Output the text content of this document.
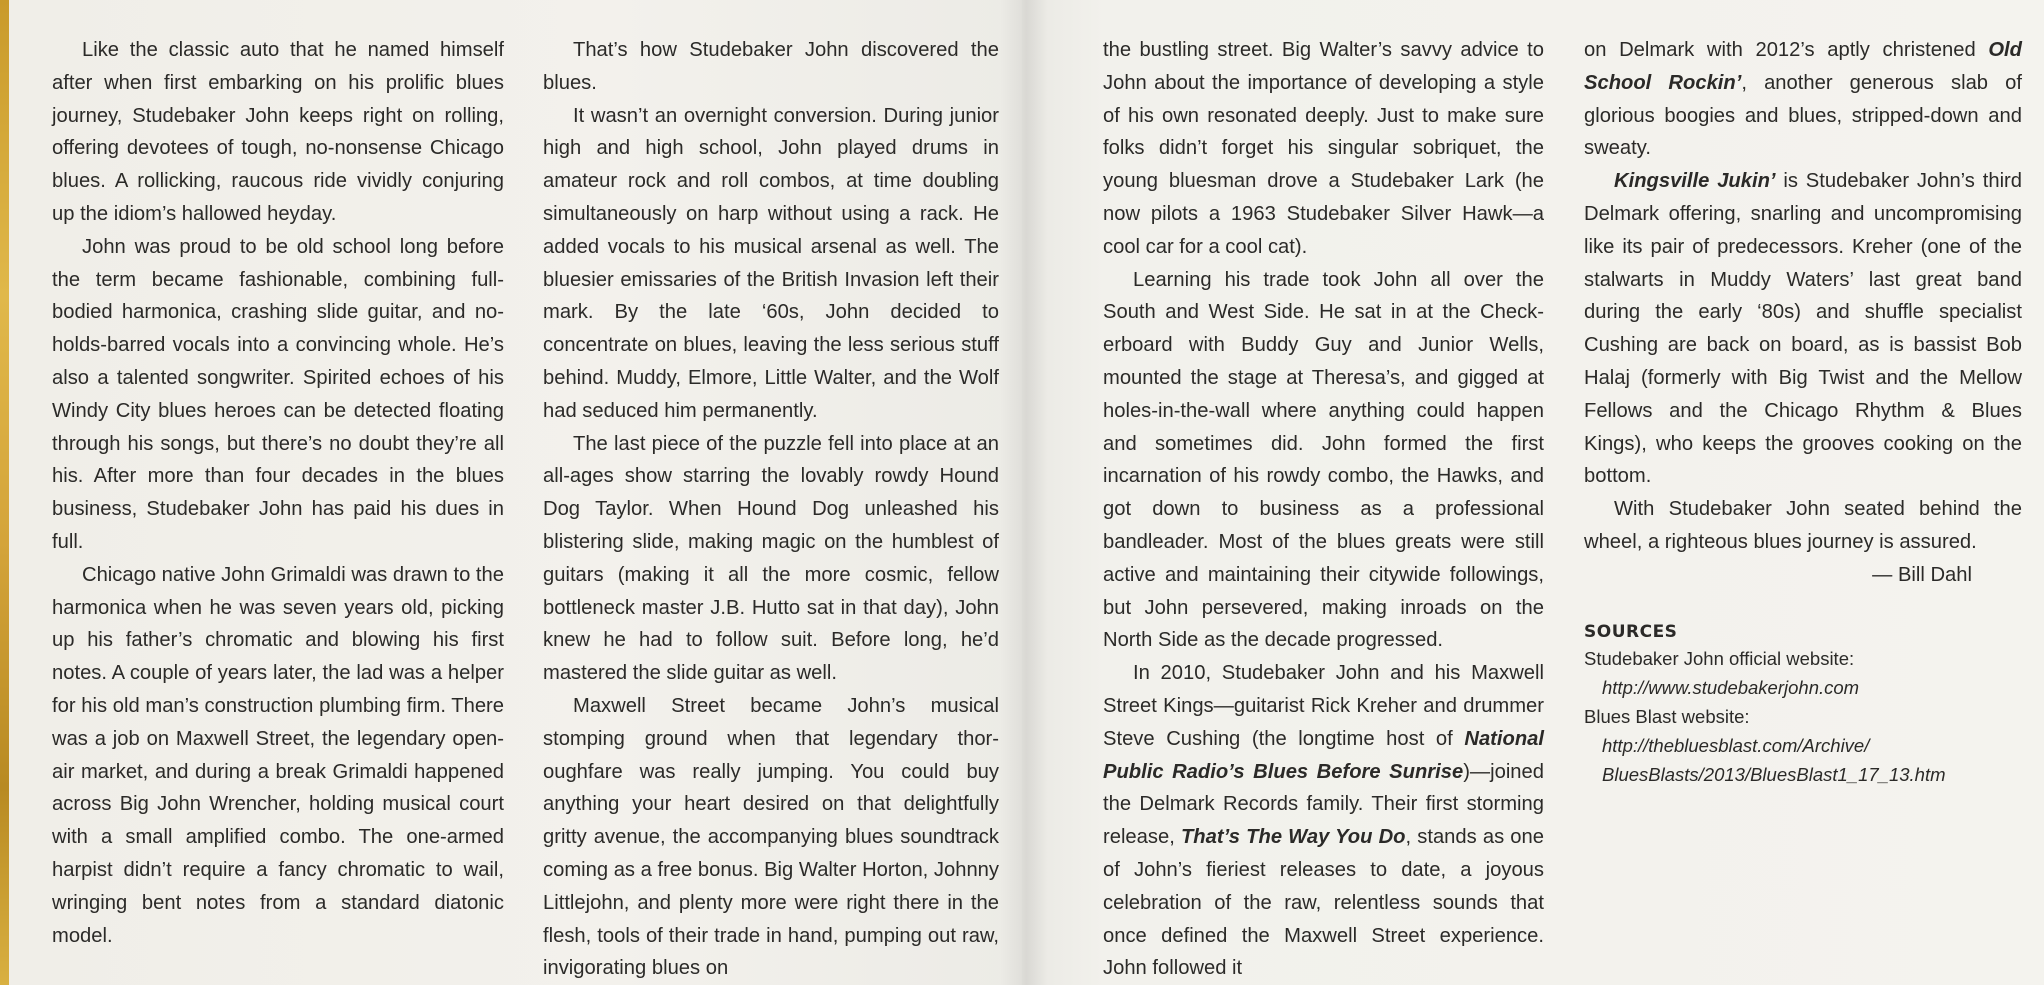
Like the classic auto that he named himself after when first embarking on his prolific blues journey, Studebaker John keeps right on rolling, offering devotees of tough, no-nonsense Chicago blues. A rollicking, raucous ride vividly conjuring up the idiom’s hallowed heyday.

John was proud to be old school long before the term became fashionable, combining full-bodied harmonica, crashing slide guitar, and no-holds-barred vocals into a convincing whole. He’s also a talented songwriter. Spirited echoes of his Windy City blues heroes can be detected floating through his songs, but there’s no doubt they’re all his. After more than four decades in the blues business, Studebaker John has paid his dues in full.

Chicago native John Grimaldi was drawn to the harmonica when he was seven years old, picking up his father’s chromatic and blowing his first notes. A couple of years later, the lad was a helper for his old man’s construction plumbing firm. There was a job on Maxwell Street, the legendary open-air market, and during a break Grimaldi happened across Big John Wrencher, holding musical court with a small amplified combo. The one-armed harpist didn’t require a fancy chromatic to wail, wringing bent notes from a standard diatonic model.

That’s how Studebaker John discovered the blues.

It wasn’t an overnight conversion. During junior high and high school, John played drums in amateur rock and roll combos, at time doubling simultaneously on harp without using a rack. He added vocals to his musical arsenal as well. The bluesier emissaries of the British Invasion left their mark. By the late ‘60s, John decided to concentrate on blues, leaving the less serious stuff behind. Muddy, Elmore, Little Walter, and the Wolf had seduced him permanently.

The last piece of the puzzle fell into place at an all-ages show starring the lovably rowdy Hound Dog Taylor. When Hound Dog unleashed his blistering slide, making magic on the humblest of guitars (making it all the more cosmic, fellow bottleneck master J.B. Hutto sat in that day), John knew he had to follow suit. Before long, he’d mastered the slide guitar as well.

Maxwell Street became John’s musical stomping ground when that legendary thoroughfare was really jumping. You could buy anything your heart desired on that delightfully gritty avenue, the accompanying blues soundtrack coming as a free bonus. Big Walter Horton, Johnny Littlejohn, and plenty more were right there in the flesh, tools of their trade in hand, pumping out raw, invigorating blues on

the bustling street. Big Walter’s savvy advice to John about the importance of developing a style of his own resonated deeply. Just to make sure folks didn’t forget his singular sobriquet, the young bluesman drove a Studebaker Lark (he now pilots a 1963 Studebaker Silver Hawk—a cool car for a cool cat).

Learning his trade took John all over the South and West Side. He sat in at the Checkerboard with Buddy Guy and Junior Wells, mounted the stage at Theresa’s, and gigged at holes-in-the-wall where anything could happen and sometimes did. John formed the first incarnation of his rowdy combo, the Hawks, and got down to business as a professional bandleader. Most of the blues greats were still active and maintaining their citywide followings, but John persevered, making inroads on the North Side as the decade progressed.

In 2010, Studebaker John and his Maxwell Street Kings—guitarist Rick Kreher and drummer Steve Cushing (the longtime host of National Public Radio’s Blues Before Sunrise)—joined the Delmark Records family. Their first storming release, That’s The Way You Do, stands as one of John’s fieriest releases to date, a joyous celebration of the raw, relentless sounds that once defined the Maxwell Street experience. John followed it

on Delmark with 2012’s aptly christened Old School Rockin’, another generous slab of glorious boogies and blues, stripped-down and sweaty.

Kingsville Jukin’ is Studebaker John’s third Delmark offering, snarling and uncompromising like its pair of predecessors. Kreher (one of the stalwarts in Muddy Waters’ last great band during the early ‘80s) and shuffle specialist Cushing are back on board, as is bassist Bob Halaj (formerly with Big Twist and the Mellow Fellows and the Chicago Rhythm & Blues Kings), who keeps the grooves cooking on the bottom.

With Studebaker John seated behind the wheel, a righteous blues journey is assured.

— Bill Dahl

SOURCES
Studebaker John official website:
http://www.studebakerjohn.com
Blues Blast website:
http://thebluesblast.com/Archive/ BluesBlasts/2013/BluesBlast1_17_13.htm
